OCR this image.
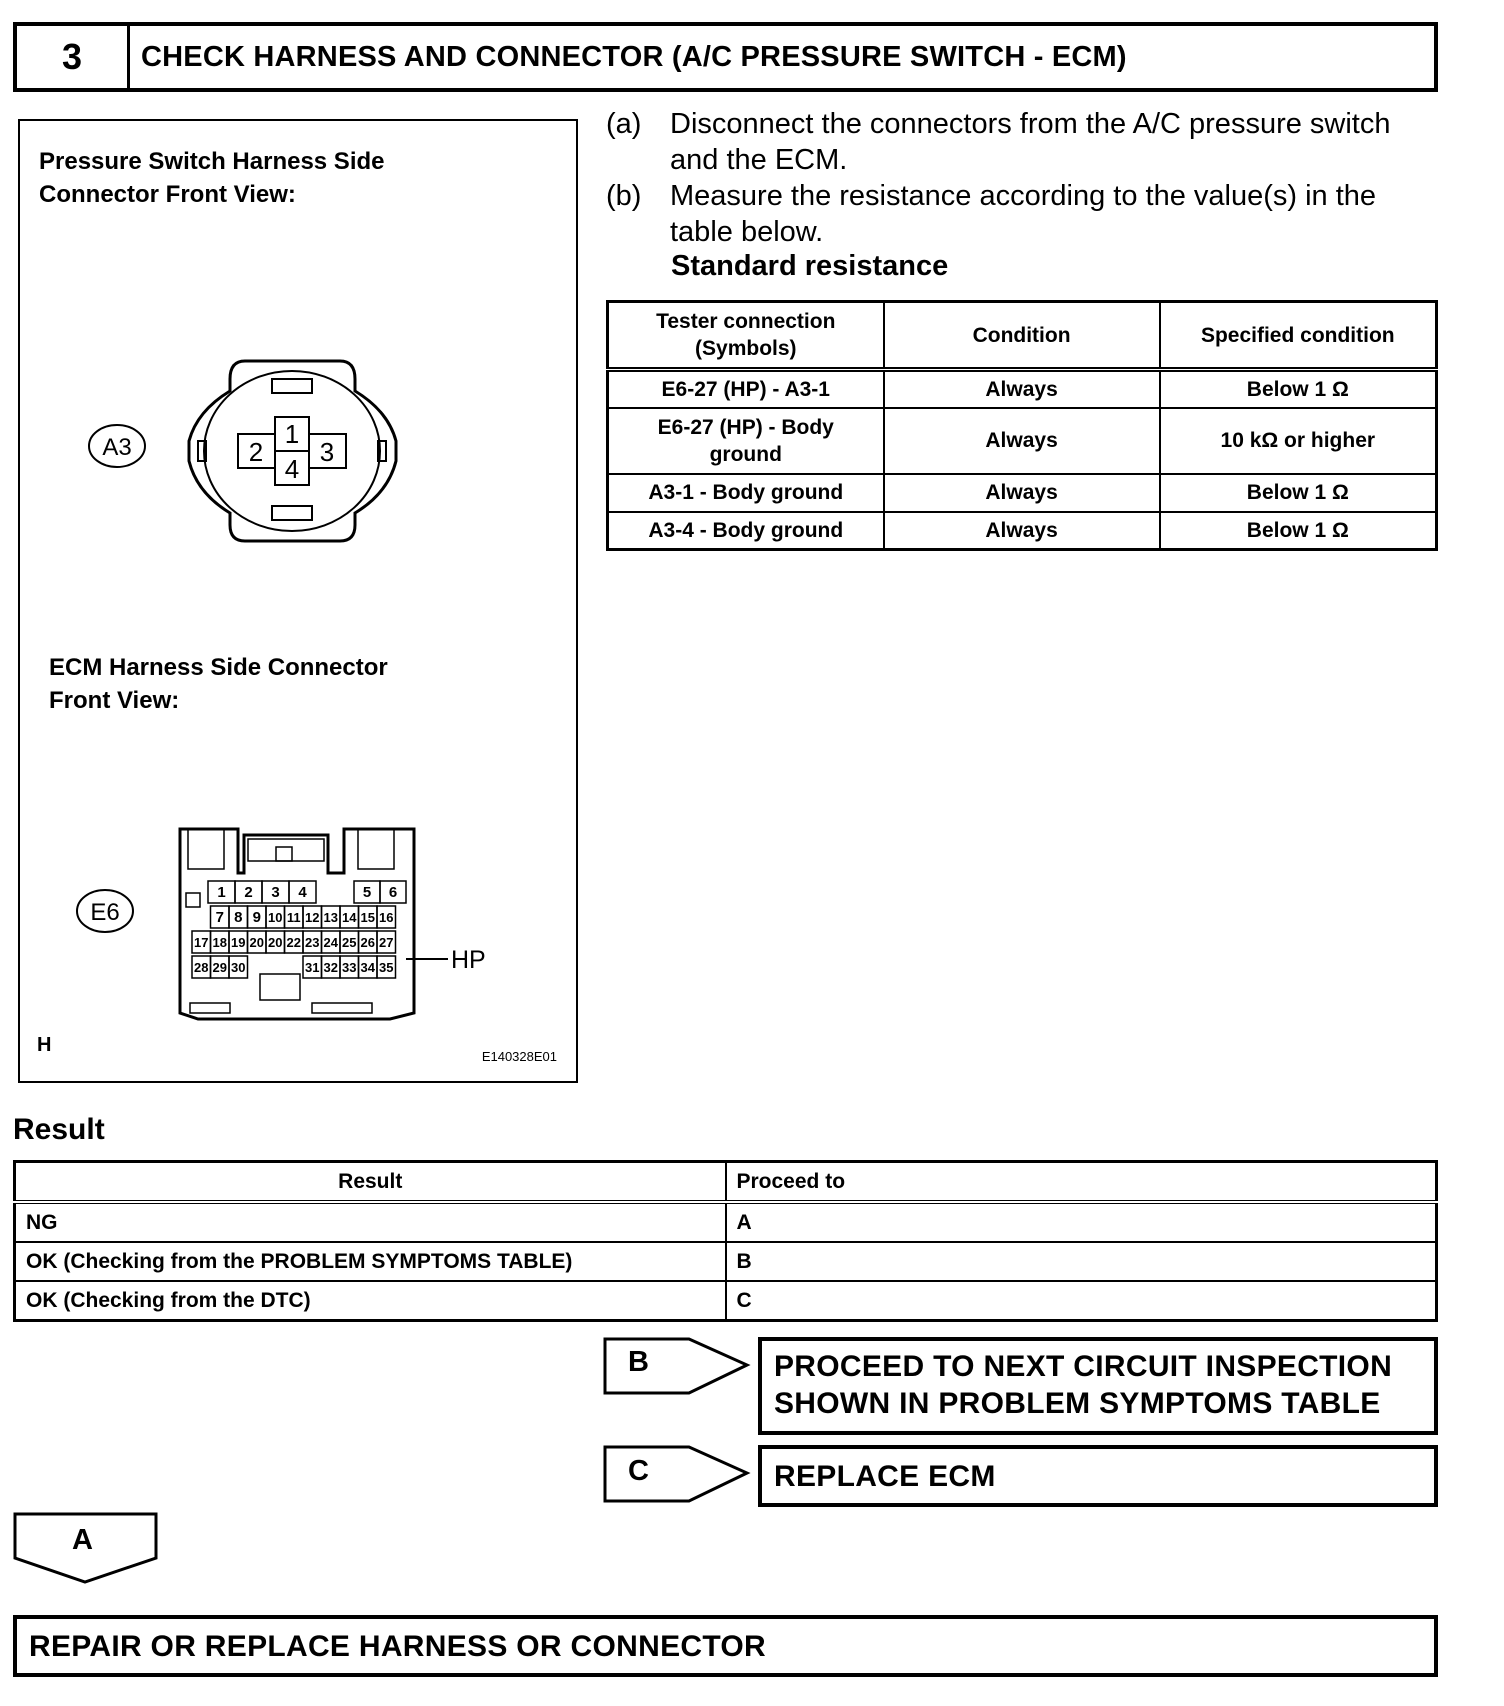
3	CHECK HARNESS AND CONNECTOR (A/C PRESSURE SWITCH - ECM)
Pressure Switch Harness Side
Connector Front View:
ECM Harness Side Connector
Front View:
A3	1
2 3
4
E6
1 2 3 4	5 6
7 8 9 10 11 12 13 14 15 16
17 18 19 20 20 22 23 24 25 26 27
28 29 30	31 32 33 34 35 HP
H
E140328E01
(a) Disconnect the connectors from the A/C pressure switch
and the ECM.
(b) Measure the resistance according to the value(s) in the
table below.
Standard resistance
Tester connection
(Symbols)	Condition	Specified condition
E6-27 (HP) - A3-1	Always	Below 1 Ω

E6-27 (HP) - Body
ground	Always	10 kΩ or higher
A3-1 - Body ground	Always	Below 1 Ω
A3-4 - Body ground	Always	Below 1 Ω
Result
Result	Proceed to
NG	A
OK (Checking from the PROBLEM SYMPTOMS TABLE)	B
OK (Checking from the DTC)	C
B	PROCEED TO NEXT CIRCUIT INSPECTION
SHOWN IN PROBLEM SYMPTOMS TABLE
C	REPLACE ECM
A
REPAIR OR REPLACE HARNESS OR CONNECTOR
